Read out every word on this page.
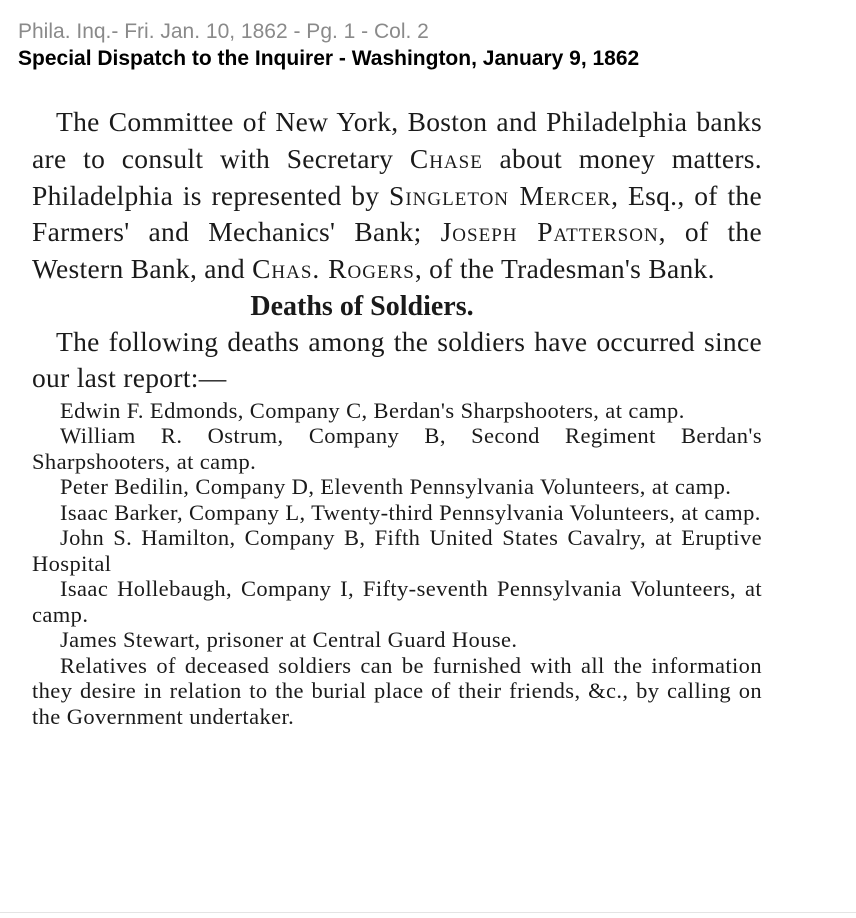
Phila. Inq.- Fri. Jan. 10, 1862 - Pg. 1 - Col. 2
Special Dispatch to the Inquirer - Washington, January 9, 1862

The Committee of New York, Boston and Philadelphia banks are to consult with Secretary Chase about money matters. Philadelphia is represented by Singleton Mercer, Esq., of the Farmers' and Mechanics' Bank; Joseph Patterson, of the Western Bank, and Chas. Rogers, of the Tradesman's Bank.

Deaths of Soldiers.

The following deaths among the soldiers have occurred since our last report:—

Edwin F. Edmonds, Company C, Berdan's Sharpshooters, at camp.

William R. Ostrum, Company B, Second Regiment Berdan's Sharpshooters, at camp.

Peter Bedilin, Company D, Eleventh Pennsylvania Volunteers, at camp.

Isaac Barker, Company L, Twenty-third Pennsylvania Volunteers, at camp.

John S. Hamilton, Company B, Fifth United States Cavalry, at Eruptive Hospital

Isaac Hollebaugh, Company I, Fifty-seventh Pennsylvania Volunteers, at camp.

James Stewart, prisoner at Central Guard House.

Relatives of deceased soldiers can be furnished with all the information they desire in relation to the burial place of their friends, &c., by calling on the Government undertaker.
